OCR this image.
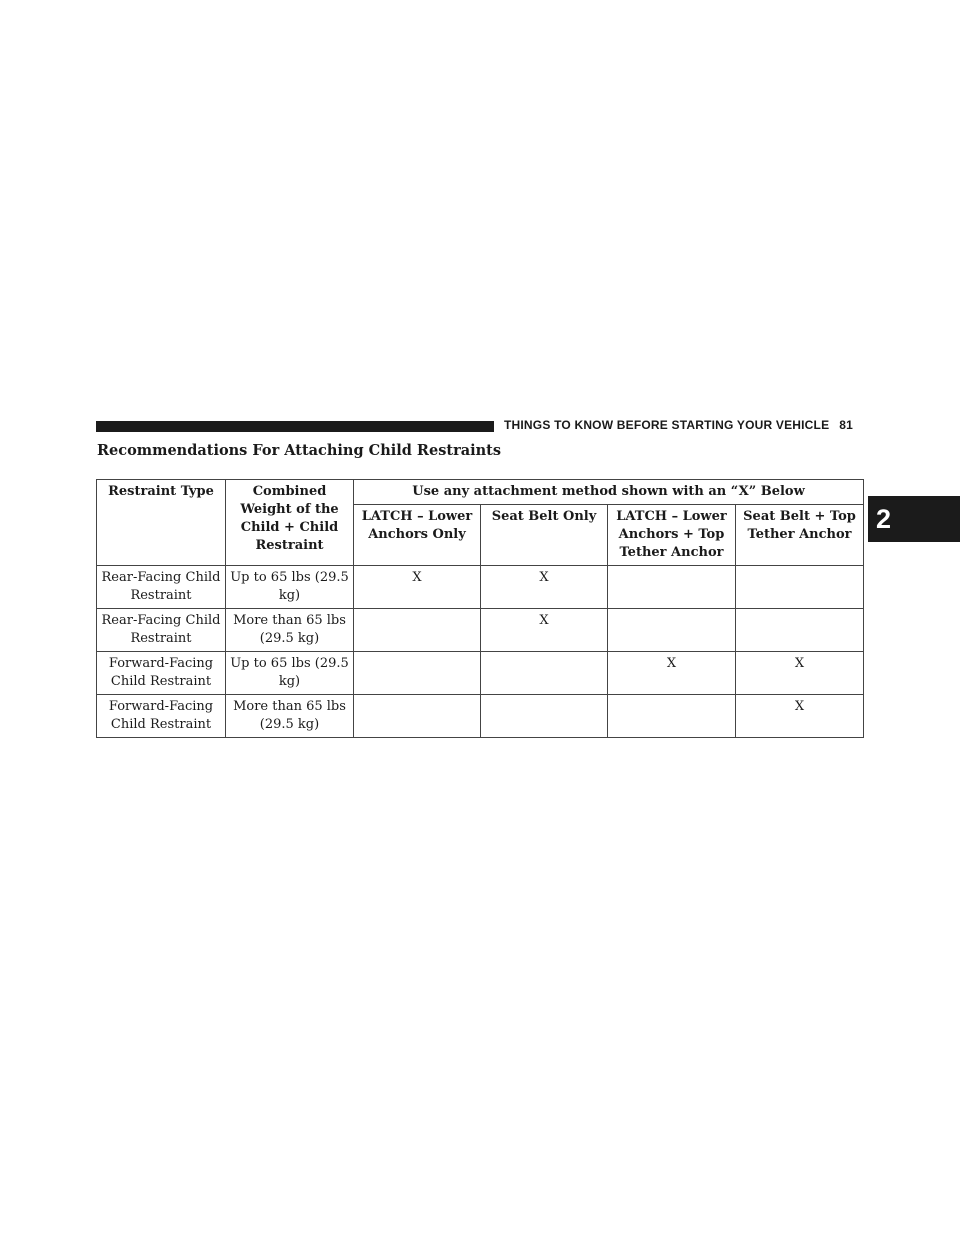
THINGS TO KNOW BEFORE STARTING YOUR VEHICLE 81
Recommendations For Attaching Child Restraints
2
Restraint Type	Combined Weight of the Child + Child Restraint	Use any attachment method shown with an “X” Below			
		LATCH – Lower Anchors Only	Seat Belt Only	LATCH – Lower Anchors + Top Tether Anchor	Seat Belt + Top Tether Anchor
Rear-Facing Child Restraint	Up to 65 lbs (29.5 kg)	X	X		
Rear-Facing Child Restraint	More than 65 lbs (29.5 kg)		X		
Forward-Facing Child Restraint	Up to 65 lbs (29.5 kg)			X	X
Forward-Facing Child Restraint	More than 65 lbs (29.5 kg)				X
